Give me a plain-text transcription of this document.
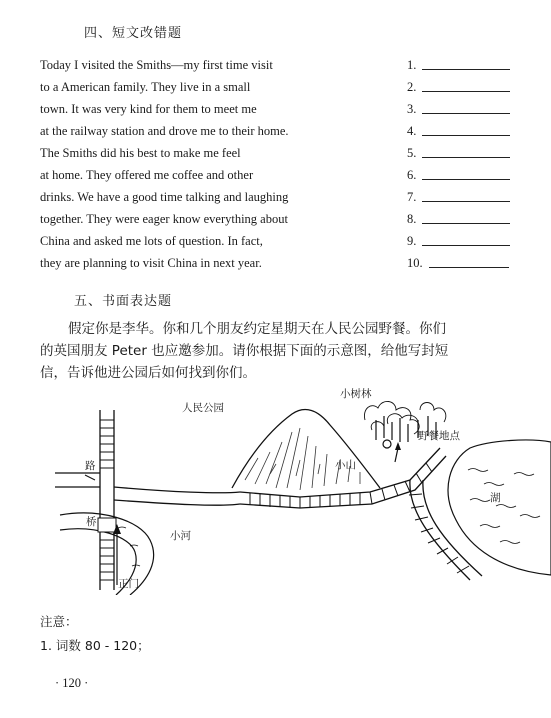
四、短文改错题
Today I visited the Smiths—my first time visit
to a American family. They live in a small
town. It was very kind for them to meet me
at the railway station and drove me to their home.
The Smiths did his best to make me feel
at home. They offered me coffee and other
drinks. We have a good time talking and laughing
together. They were eager know everything about
China and asked me lots of question. In fact,
they are planning to visit China in next year.
1.
2.
3.
4.
5.
6.
7.
8.
9.
10.
五、书面表达题
假定你是李华。你和几个朋友约定星期天在人民公园野餐。你们
的英国朋友 Peter 也应邀参加。请你根据下面的示意图，给他写封短
信，告诉他进公园后如何找到你们。
人民公园
小树林
野餐地点
小山
路
桥
小河
正门
湖
注意：
1. 词数 80 - 120；
· 120 ·
